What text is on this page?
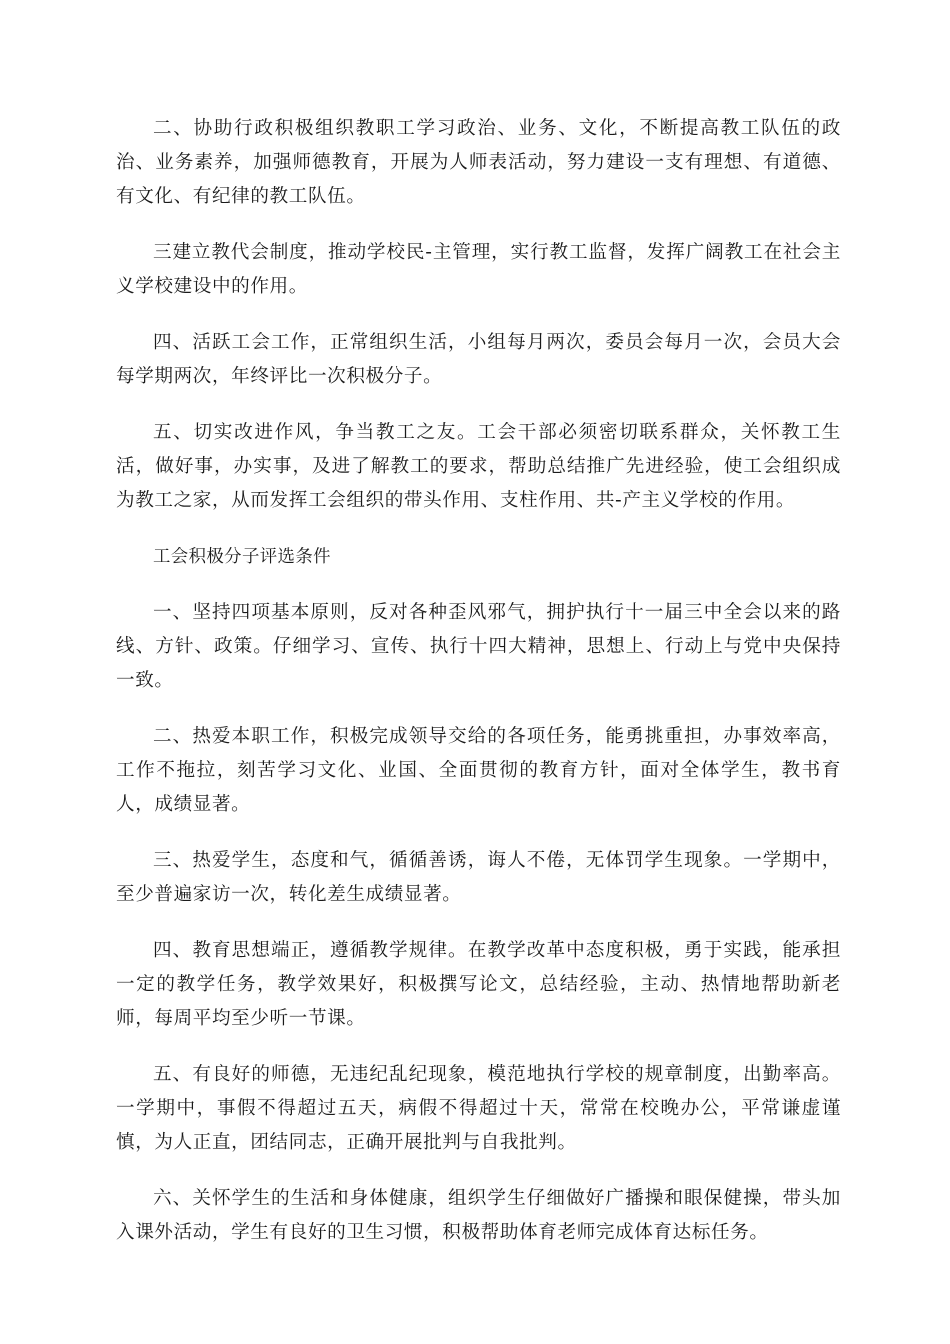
二、协助行政积极组织教职工学习政治、业务、文化，不断提高教工队伍的政治、业务素养，加强师德教育，开展为人师表活动，努力建设一支有理想、有道德、有文化、有纪律的教工队伍。

三建立教代会制度，推动学校民-主管理，实行教工监督，发挥广阔教工在社会主义学校建设中的作用。

四、活跃工会工作，正常组织生活，小组每月两次，委员会每月一次，会员大会每学期两次，年终评比一次积极分子。

五、切实改进作风，争当教工之友。工会干部必须密切联系群众，关怀教工生活，做好事，办实事，及进了解教工的要求，帮助总结推广先进经验，使工会组织成为教工之家，从而发挥工会组织的带头作用、支柱作用、共-产主义学校的作用。

工会积极分子评选条件

一、坚持四项基本原则，反对各种歪风邪气，拥护执行十一届三中全会以来的路线、方针、政策。仔细学习、宣传、执行十四大精神，思想上、行动上与党中央保持一致。

二、热爱本职工作，积极完成领导交给的各项任务，能勇挑重担，办事效率高，工作不拖拉，刻苦学习文化、业国、全面贯彻的教育方针，面对全体学生，教书育人，成绩显著。

三、热爱学生，态度和气，循循善诱，诲人不倦，无体罚学生现象。一学期中，至少普遍家访一次，转化差生成绩显著。

四、教育思想端正，遵循教学规律。在教学改革中态度积极，勇于实践，能承担一定的教学任务，教学效果好，积极撰写论文，总结经验，主动、热情地帮助新老师，每周平均至少听一节课。

五、有良好的师德，无违纪乱纪现象，模范地执行学校的规章制度，出勤率高。一学期中，事假不得超过五天，病假不得超过十天，常常在校晚办公，平常谦虚谨慎，为人正直，团结同志，正确开展批判与自我批判。

六、关怀学生的生活和身体健康，组织学生仔细做好广播操和眼保健操，带头加入课外活动，学生有良好的卫生习惯，积极帮助体育老师完成体育达标任务。
